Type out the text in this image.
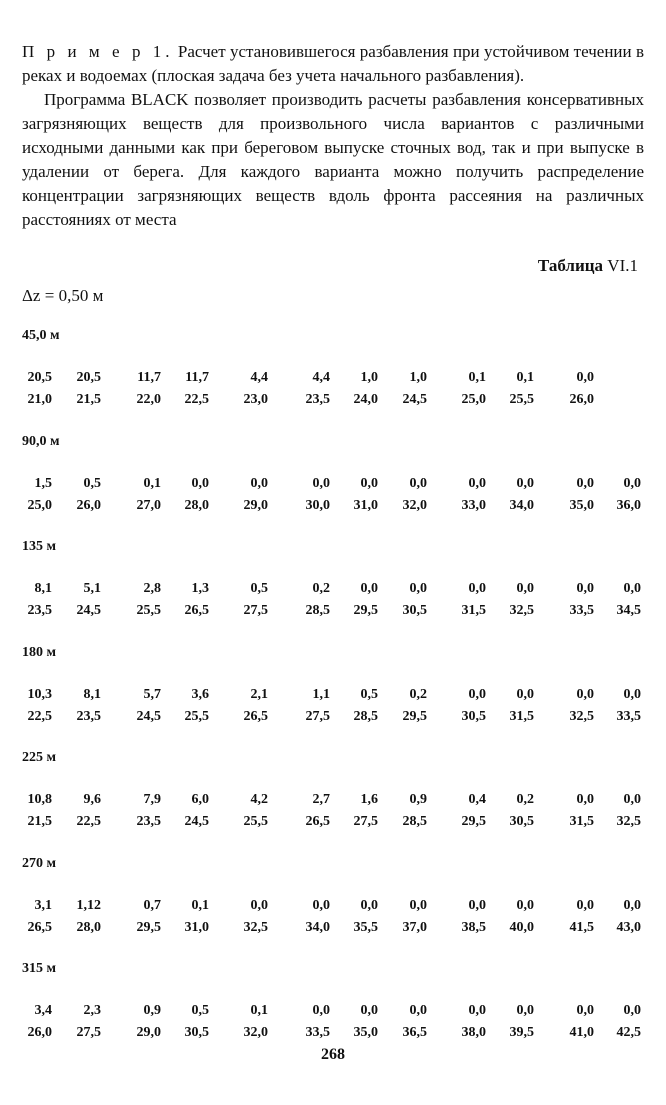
П р и м е р 1. Расчет установившегося разбавления при устойчивом течении в реках и водоемах (плоская задача без учета начального разбавления).

Программа BLACK позволяет производить расчеты разбавления консервативных загрязняющих веществ для произвольного числа вариантов с различными исходными данными как при береговом выпуске сточных вод, так и при выпуске в удалении от берега. Для каждого варианта можно получить распределение концентрации загрязняющих веществ вдоль фронта рассеяния на различных расстояниях от места

Таблица VI.1
Δz = 0,50 м
45,0 м
20,5	20,5	11,7	11,7	4,4	4,4	1,0	1,0	0,1	0,1	0,0
21,0	21,5	22,0	22,5	23,0	23,5	24,0	24,5	25,0	25,5	26,0
90,0 м
1,5	0,5	0,1	0,0	0,0	0,0	0,0	0,0	0,0	0,0	0,0	0,0
25,0	26,0	27,0	28,0	29,0	30,0	31,0	32,0	33,0	34,0	35,0	36,0
135 м
8,1	5,1	2,8	1,3	0,5	0,2	0,0	0,0	0,0	0,0	0,0	0,0
23,5	24,5	25,5	26,5	27,5	28,5	29,5	30,5	31,5	32,5	33,5	34,5
180 м
10,3	8,1	5,7	3,6	2,1	1,1	0,5	0,2	0,0	0,0	0,0	0,0
22,5	23,5	24,5	25,5	26,5	27,5	28,5	29,5	30,5	31,5	32,5	33,5
225 м
10,8	9,6	7,9	6,0	4,2	2,7	1,6	0,9	0,4	0,2	0,0	0,0
21,5	22,5	23,5	24,5	25,5	26,5	27,5	28,5	29,5	30,5	31,5	32,5
270 м
3,1	1,12	0,7	0,1	0,0	0,0	0,0	0,0	0,0	0,0	0,0	0,0
26,5	28,0	29,5	31,0	32,5	34,0	35,5	37,0	38,5	40,0	41,5	43,0
315 м
3,4	2,3	0,9	0,5	0,1	0,0	0,0	0,0	0,0	0,0	0,0	0,0
26,0	27,5	29,0	30,5	32,0	33,5	35,0	36,5	38,0	39,5	41,0	42,5
268
